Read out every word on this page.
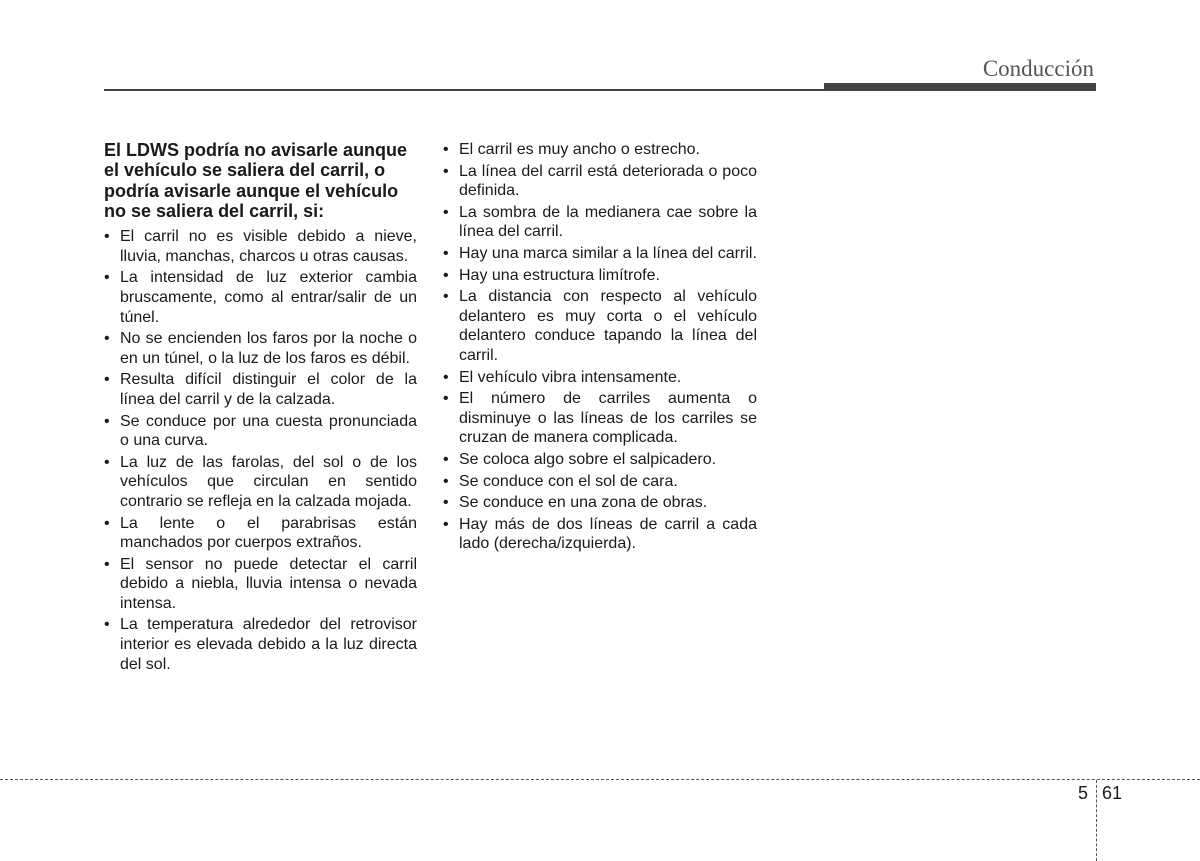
Conducción

El LDWS podría no avisarle aunque el vehículo se saliera del carril, o podría avisarle aunque el vehículo no se saliera del carril, si:

• El carril no es visible debido a nieve, lluvia, manchas, charcos u otras causas.
• La intensidad de luz exterior cambia bruscamente, como al entrar/salir de un túnel.
• No se encienden los faros por la noche o en un túnel, o la luz de los faros es débil.
• Resulta difícil distinguir el color de la línea del carril y de la calzada.
• Se conduce por una cuesta pronunciada o una curva.
• La luz de las farolas, del sol o de los vehículos que circulan en sentido contrario se refleja en la calzada mojada.
• La lente o el parabrisas están manchados por cuerpos extraños.
• El sensor no puede detectar el carril debido a niebla, lluvia intensa o nevada intensa.
• La temperatura alrededor del retrovisor interior es elevada debido a la luz directa del sol.
• El carril es muy ancho o estrecho.
• La línea del carril está deteriorada o poco definida.
• La sombra de la medianera cae sobre la línea del carril.
• Hay una marca similar a la línea del carril.
• Hay una estructura limítrofe.
• La distancia con respecto al vehículo delantero es muy corta o el vehículo delantero conduce tapando la línea del carril.
• El vehículo vibra intensamente.
• El número de carriles aumenta o disminuye o las líneas de los carriles se cruzan de manera complicada.
• Se coloca algo sobre el salpicadero.
• Se conduce con el sol de cara.
• Se conduce en una zona de obras.
• Hay más de dos líneas de carril a cada lado (derecha/izquierda).
5 61
